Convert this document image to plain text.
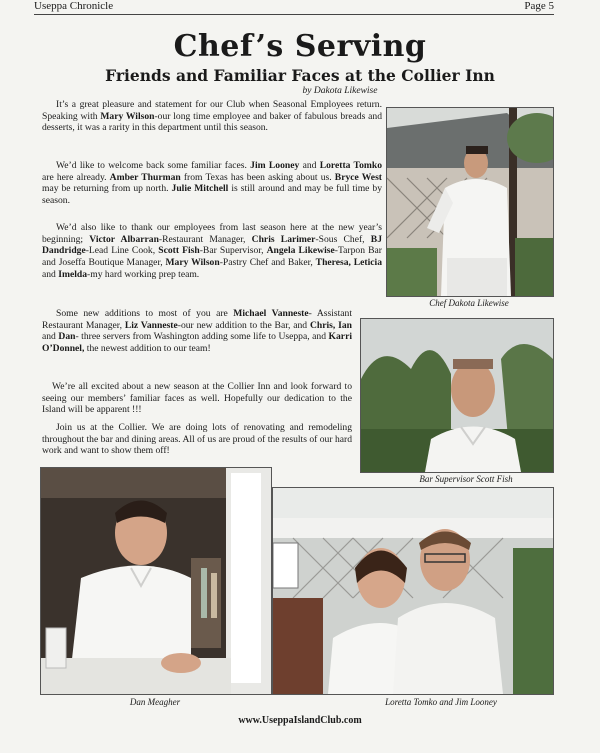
Useppa Chronicle	Page 5
Chef’s Serving
Friends and Familiar Faces at the Collier Inn
by Dakota Likewise
It’s a great pleasure and statement for our Club when Seasonal Employees return. Speaking with Mary Wilson-our long time employee and baker of fabulous breads and desserts, it was a rarity in this department until this season.
We’d like to welcome back some familiar faces. Jim Looney and Loretta Tomko are here already. Amber Thurman from Texas has been asking about us. Bryce West may be returning from up north. Julie Mitchell is still around and may be full time by season.
We’d also like to thank our employees from last season here at the new year’s beginning; Victor Albarran-Restaurant Manager, Chris Larimer-Sous Chef, BJ Dandridge-Lead Line Cook, Scott Fish-Bar Supervisor, Angela Likewise-Tarpon Bar and Joseffa Boutique Manager, Mary Wilson-Pastry Chef and Baker, Theresa, Leticia and Imelda-my hard working prep team.
Some new additions to most of you are Michael Vanneste- Assistant Restaurant Manager, Liz Vanneste-our new addition to the Bar, and Chris, Ian and Dan- three servers from Washington adding some life to Useppa, and Karri O’Donnel, the newest addition to our team!
We’re all excited about a new season at the Collier Inn and look forward to seeing our members’ familiar faces as well. Hopefully our dedication to the Island will be apparent !!!
Join us at the Collier. We are doing lots of renovating and remodeling throughout the bar and dining areas. All of us are proud of the results of our hard work and want to show them off!
Chef Dakota Likewise
Bar Supervisor Scott Fish
Dan Meagher	Loretta Tomko and Jim Looney
www.UseppaIslandClub.com
